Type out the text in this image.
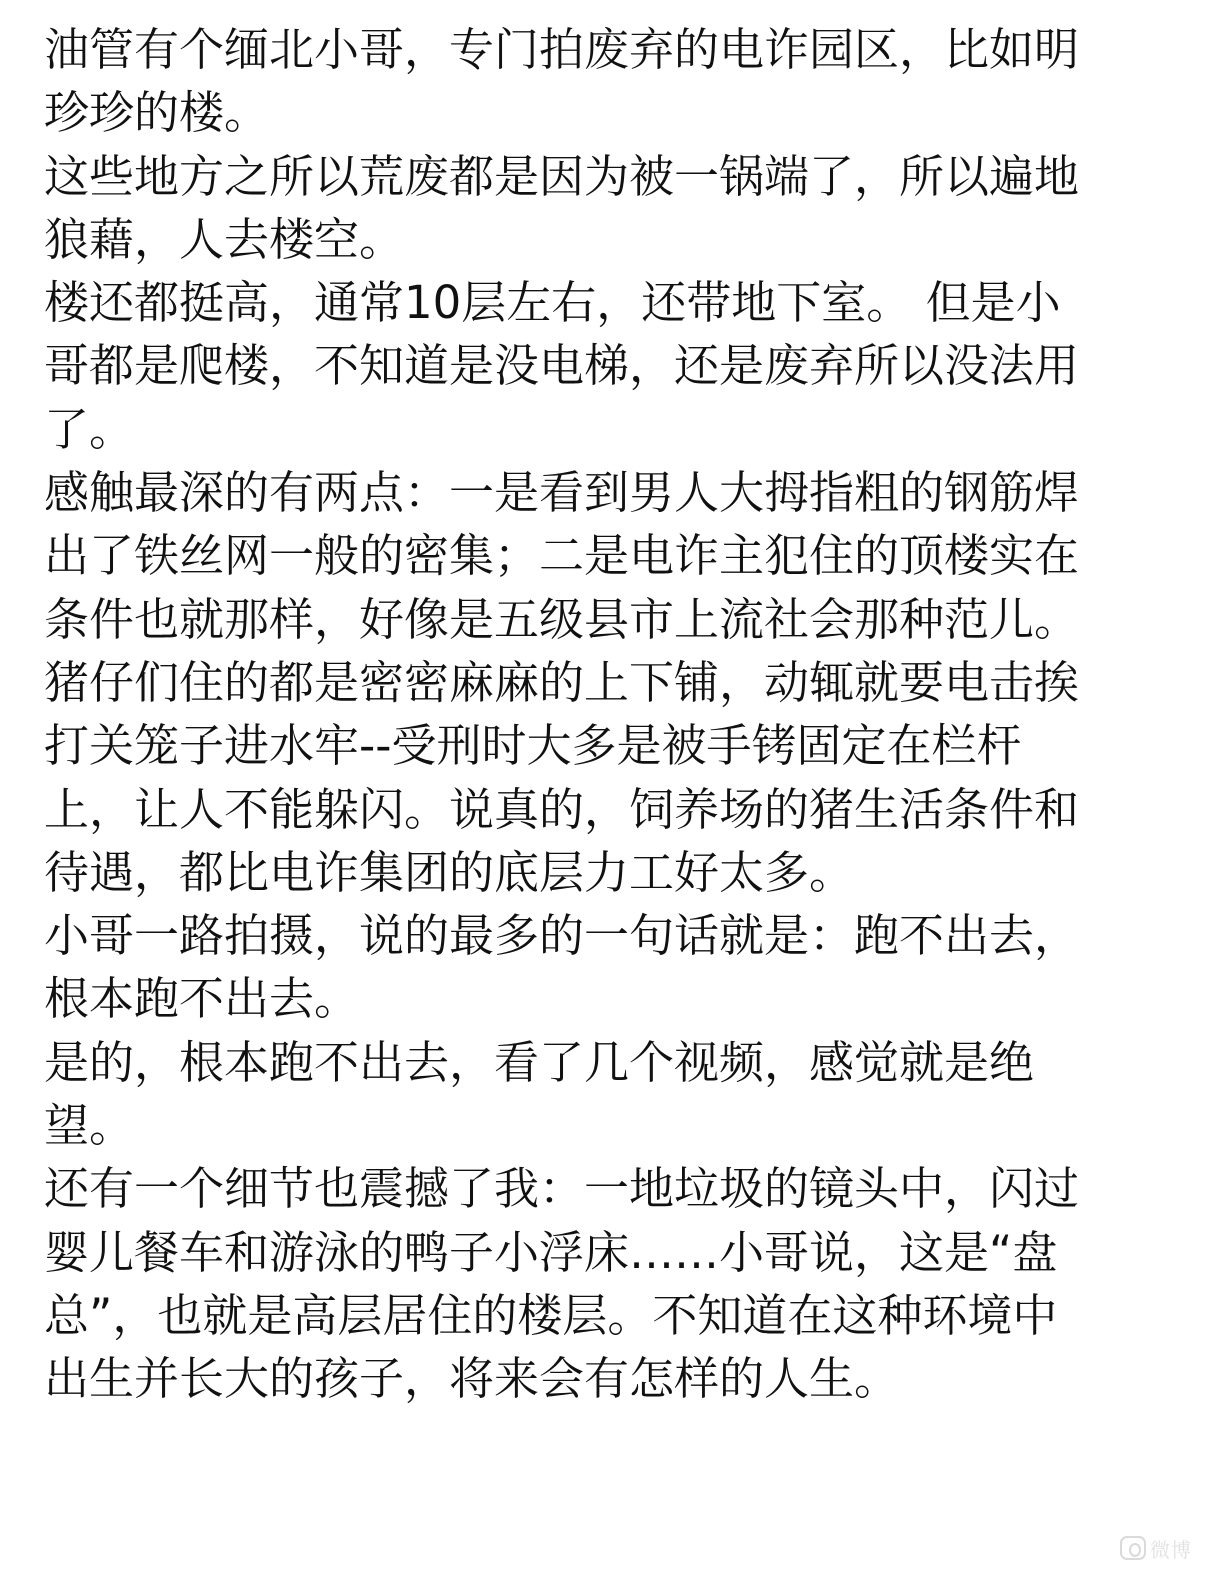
油管有个缅北小哥，专门拍废弃的电诈园区，比如明
珍珍的楼。
这些地方之所以荒废都是因为被一锅端了，所以遍地
狼藉，人去楼空。
楼还都挺高，通常10层左右，还带地下室。 但是小
哥都是爬楼，不知道是没电梯，还是废弃所以没法用
了。
感触最深的有两点：一是看到男人大拇指粗的钢筋焊
出了铁丝网一般的密集；二是电诈主犯住的顶楼实在
条件也就那样，好像是五级县市上流社会那种范儿。
猪仔们住的都是密密麻麻的上下铺，动辄就要电击挨
打关笼子进水牢--受刑时大多是被手铐固定在栏杆
上，让人不能躲闪。说真的，饲养场的猪生活条件和
待遇，都比电诈集团的底层力工好太多。
小哥一路拍摄，说的最多的一句话就是：跑不出去，
根本跑不出去。
是的，根本跑不出去，看了几个视频，感觉就是绝
望。
还有一个细节也震撼了我：一地垃圾的镜头中，闪过
婴儿餐车和游泳的鸭子小浮床……小哥说，这是“盘
总”，也就是高层居住的楼层。不知道在这种环境中
出生并长大的孩子，将来会有怎样的人生。
微博
